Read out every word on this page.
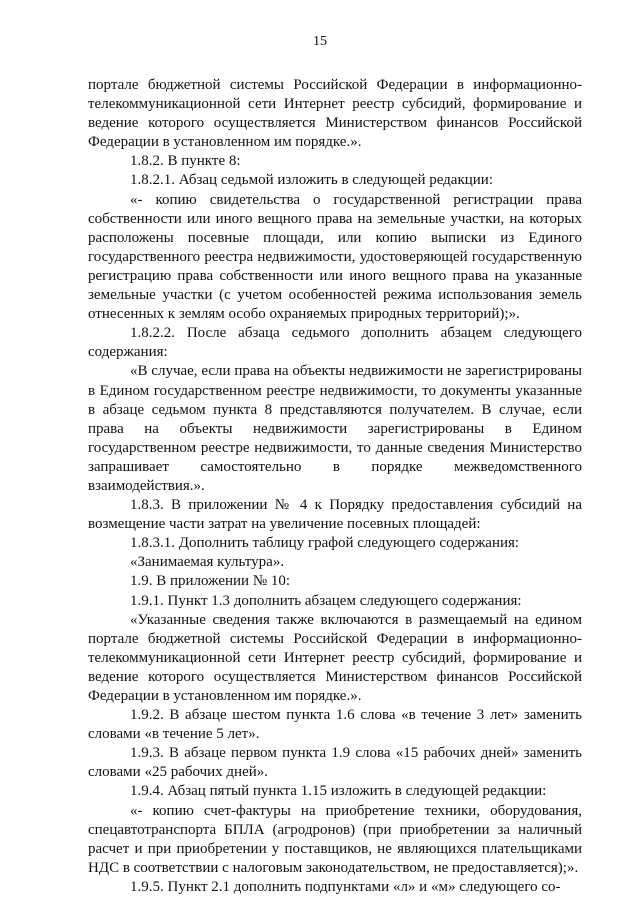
15

порталe бюджетной системы Российской Федерации в информационно-телекоммуникационной сети Интернет реестр субсидий, формирование и ведение которого осуществляется Министерством финансов Российской Федерации в установленном им порядке.».

1.8.2. В пункте 8:

1.8.2.1. Абзац седьмой изложить в следующей редакции:

«- копию свидетельства о государственной регистрации права собственности или иного вещного права на земельные участки, на которых расположены посевные площади, или копию выписки из Единого государственного реестра недвижимости, удостоверяющей государственную регистрацию права собственности или иного вещного права на указанные земельные участки (с учетом особенностей режима использования земель отнесенных к землям особо охраняемых природных территорий);».

1.8.2.2. После абзаца седьмого дополнить абзацем следующего содержания:

«В случае, если права на объекты недвижимости не зарегистрированы в Едином государственном реестре недвижимости, то документы указанные в абзаце седьмом пункта 8 представляются получателем. В случае, если права на объекты недвижимости зарегистрированы в Едином государственном реестре недвижимости, то данные сведения Министерство запрашивает самостоятельно в порядке межведомственного взаимодействия.».

1.8.3. В приложении № 4 к Порядку предоставления субсидий на возмещение части затрат на увеличение посевных площадей:

1.8.3.1. Дополнить таблицу графой следующего содержания:

«Занимаемая культура».

1.9. В приложении № 10:

1.9.1. Пункт 1.3 дополнить абзацем следующего содержания:

«Указанные сведения также включаются в размещаемый на едином портале бюджетной системы Российской Федерации в информационно-телекоммуникационной сети Интернет реестр субсидий, формирование и ведение которого осуществляется Министерством финансов Российской Федерации в установленном им порядке.».

1.9.2. В абзаце шестом пункта 1.6 слова «в течение 3 лет» заменить словами «в течение 5 лет».

1.9.3. В абзаце первом пункта 1.9 слова «15 рабочих дней» заменить словами «25 рабочих дней».

1.9.4. Абзац пятый пункта 1.15 изложить в следующей редакции:

«- копию счет-фактуры на приобретение техники, оборудования, спецавтотранспорта БПЛА (агродронов) (при приобретении за наличный расчет и при приобретении у поставщиков, не являющихся плательщиками НДС в соответствии с налоговым законодательством, не предоставляется);».

1.9.5. Пункт 2.1 дополнить подпунктами «л» и «м» следующего со-
